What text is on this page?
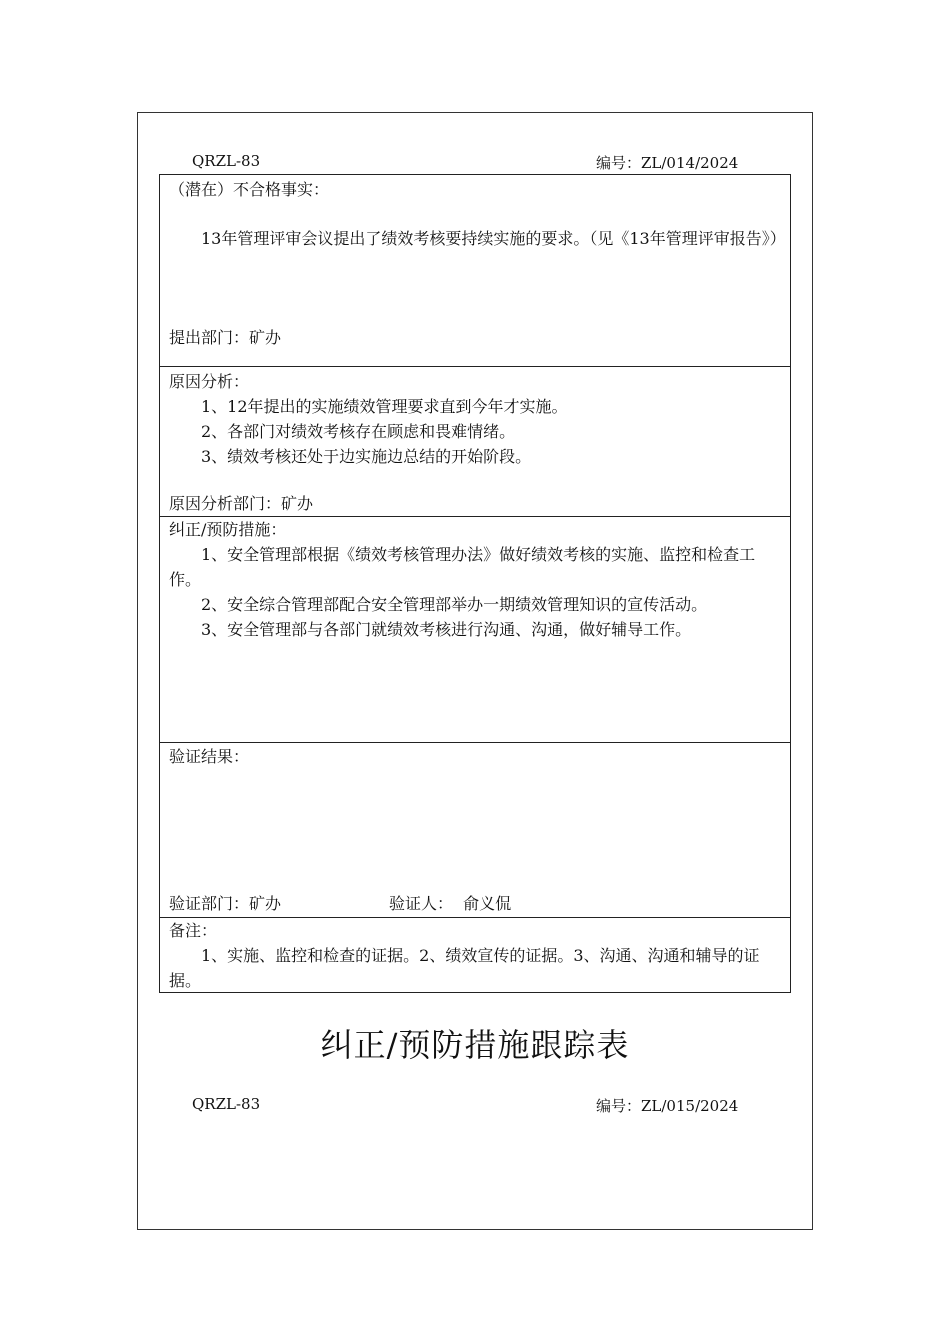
QRZL-83	编号：ZL/014/2024
（潜在）不合格事实：

13年管理评审会议提出了绩效考核要持续实施的要求。（见《13年管理评审报告》）

提出部门：矿办
原因分析：

1、12年提出的实施绩效管理要求直到今年才实施。

2、各部门对绩效考核存在顾虑和畏难情绪。

3、绩效考核还处于边实施边总结的开始阶段。

原因分析部门：矿办
纠正/预防措施：

1、安全管理部根据《绩效考核管理办法》做好绩效考核的实施、监控和检查工作。

2、安全综合管理部配合安全管理部举办一期绩效管理知识的宣传活动。

3、安全管理部与各部门就绩效考核进行沟通、沟通，做好辅导工作。

验证结果：
验证部门：矿办	验证人：  俞义侃
备注：

1、实施、监控和检查的证据。2、绩效宣传的证据。3、沟通、沟通和辅导的证据。

纠正/预防措施跟踪表
QRZL-83	编号：ZL/015/2024
